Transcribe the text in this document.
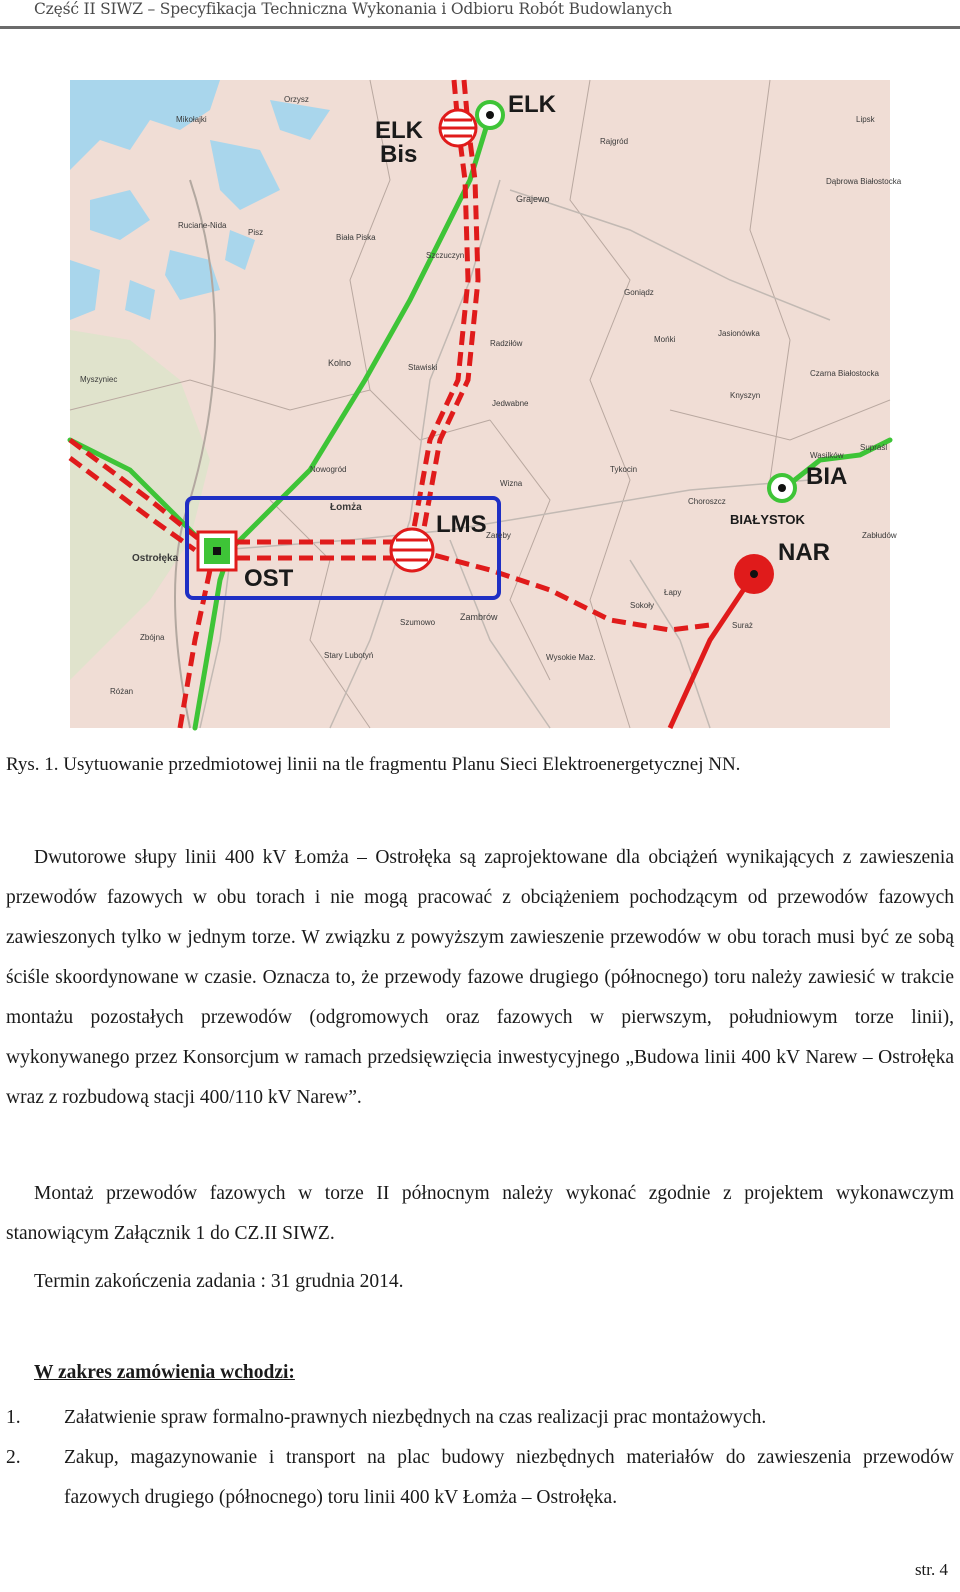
Część II SIWZ – Specyfikacja Techniczna Wykonania i Odbioru Robót Budowlanych
ELK
ELK
Bis
LMS
OST
BIA
NAR
BIAŁYSTOK
Łomża
Ostrołęka
Grajewo
Zambrów
Jedwabne
Kolno
Tykocin
Mońki
Goniądz
Wysokie Maz.
Łapy
Pisz
Szczuczyn
Stawiski
Nowogród
Myszyniec
Mikołajki
Choroszcz
Biała Piska
Knyszyn
Orzysz
Rajgród
Lipsk
Dąbrowa Białostocka
Jasionówka
Czarna Białostocka
Wasilków
Sokoły
Suraż
Szumowo
Różan
Stary Lubotyń
Zbójna
Ruciane-Nida
Radziłów
Supraśl
Zabłudów
Zaręby
Wizna
Rys. 1. Usytuowanie przedmiotowej linii na tle fragmentu Planu Sieci Elektroenergetycznej NN.

Dwutorowe słupy linii 400 kV Łomża – Ostrołęka są zaprojektowane dla obciążeń wynikających z zawieszenia przewodów fazowych w obu torach i nie mogą pracować z obciążeniem pochodzącym od przewodów fazowych zawieszonych tylko w jednym torze. W związku z powyższym zawieszenie przewodów w obu torach musi być ze sobą ściśle skoordynowane w czasie. Oznacza to, że przewody fazowe drugiego (północnego) toru należy zawiesić w trakcie montażu pozostałych przewodów (odgromowych oraz fazowych w pierwszym, południowym torze linii), wykonywanego przez Konsorcjum w ramach przedsięwzięcia inwestycyjnego „Budowa linii 400 kV Narew – Ostrołęka wraz z rozbudową stacji 400/110 kV Narew”.

Montaż przewodów fazowych w torze II północnym należy wykonać zgodnie z projektem wykonawczym stanowiącym Załącznik 1 do CZ.II SIWZ.

Termin zakończenia zadania : 31 grudnia 2014.

W zakres zamówienia wchodzi:
1. Załatwienie spraw formalno-prawnych niezbędnych na czas realizacji prac montażowych.
2. Zakup, magazynowanie i transport na plac budowy niezbędnych materiałów do zawieszenia przewodów fazowych drugiego (północnego) toru linii 400 kV Łomża – Ostrołęka.
str. 4
